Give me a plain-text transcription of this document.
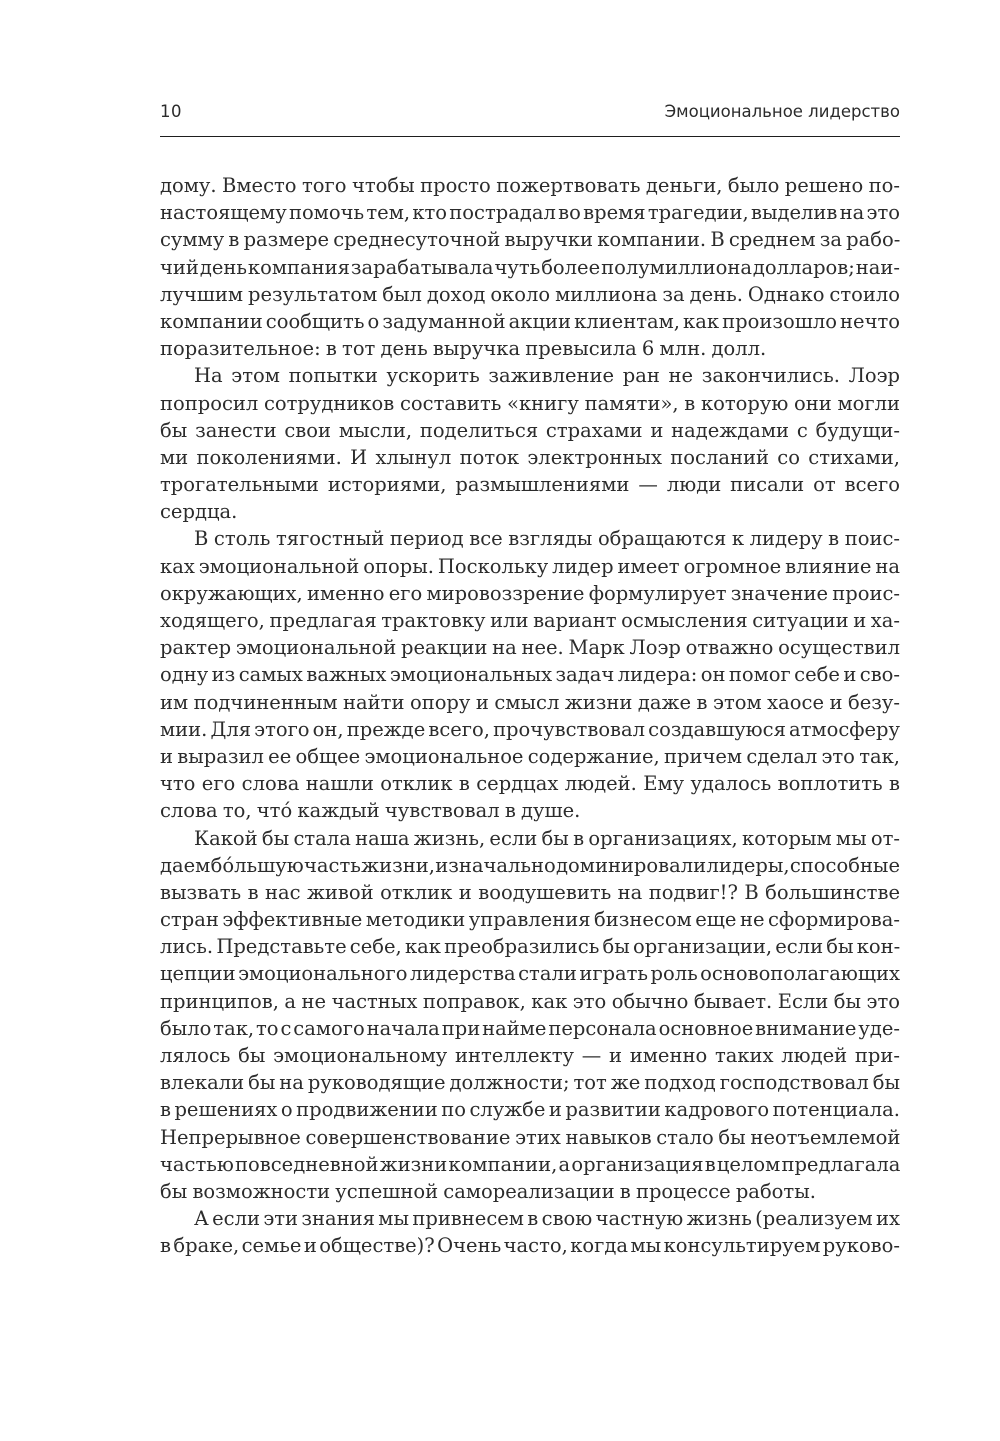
10	Эмоциональное лидерство
дому. Вместо того чтобы просто пожертвовать деньги, было решено по-
настоящему помочь тем, кто пострадал во время трагедии, выделив на это
сумму в размере среднесуточной выручки компании. В среднем за рабо-
чий день компания зарабатывала чуть более полумиллиона долларов; наи-
лучшим результатом был доход около миллиона за день. Однако стоило
компании сообщить о задуманной акции клиентам, как произошло нечто
поразительное: в тот день выручка превысила 6 млн. долл.
На этом попытки ускорить заживление ран не закончились. Лоэр
попросил сотрудников составить «книгу памяти», в которую они могли
бы занести свои мысли, поделиться страхами и надеждами с будущи-
ми поколениями. И хлынул поток электронных посланий со стихами,
трогательными историями, размышлениями — люди писали от всего
сердца.
В столь тягостный период все взгляды обращаются к лидеру в поис-
ках эмоциональной опоры. Поскольку лидер имеет огромное влияние на
окружающих, именно его мировоззрение формулирует значение проис-
ходящего, предлагая трактовку или вариант осмысления ситуации и ха-
рактер эмоциональной реакции на нее. Марк Лоэр отважно осуществил
одну из самых важных эмоциональных задач лидера: он помог себе и сво-
им подчиненным найти опору и смысл жизни даже в этом хаосе и безу-
мии. Для этого он, прежде всего, прочувствовал создавшуюся атмосферу
и выразил ее общее эмоциональное содержание, причем сделал это так,
что его слова нашли отклик в сердцах людей. Ему удалось воплотить в
слова то, что́ каждый чувствовал в душе.
Какой бы стала наша жизнь, если бы в организациях, которым мы от-
даем бо́льшую часть жизни, изначально доминировали лидеры, способные
вызвать в нас живой отклик и воодушевить на подвиг!? В большинстве
стран эффективные методики управления бизнесом еще не сформирова-
лись. Представьте себе, как преобразились бы организации, если бы кон-
цепции эмоционального лидерства стали играть роль основополагающих
принципов, а не частных поправок, как это обычно бывает. Если бы это
было так, то с самого начала при найме персонала основное внимание уде-
лялось бы эмоциональному интеллекту — и именно таких людей при-
влекали бы на руководящие должности; тот же подход господствовал бы
в решениях о продвижении по службе и развитии кадрового потенциала.
Непрерывное совершенствование этих навыков стало бы неотъемлемой
частью повседневной жизни компании, а организация в целом предлагала
бы возможности успешной самореализации в процессе работы.
А если эти знания мы привнесем в свою частную жизнь (реализуем их
в браке, семье и обществе)? Очень часто, когда мы консультируем руково-
